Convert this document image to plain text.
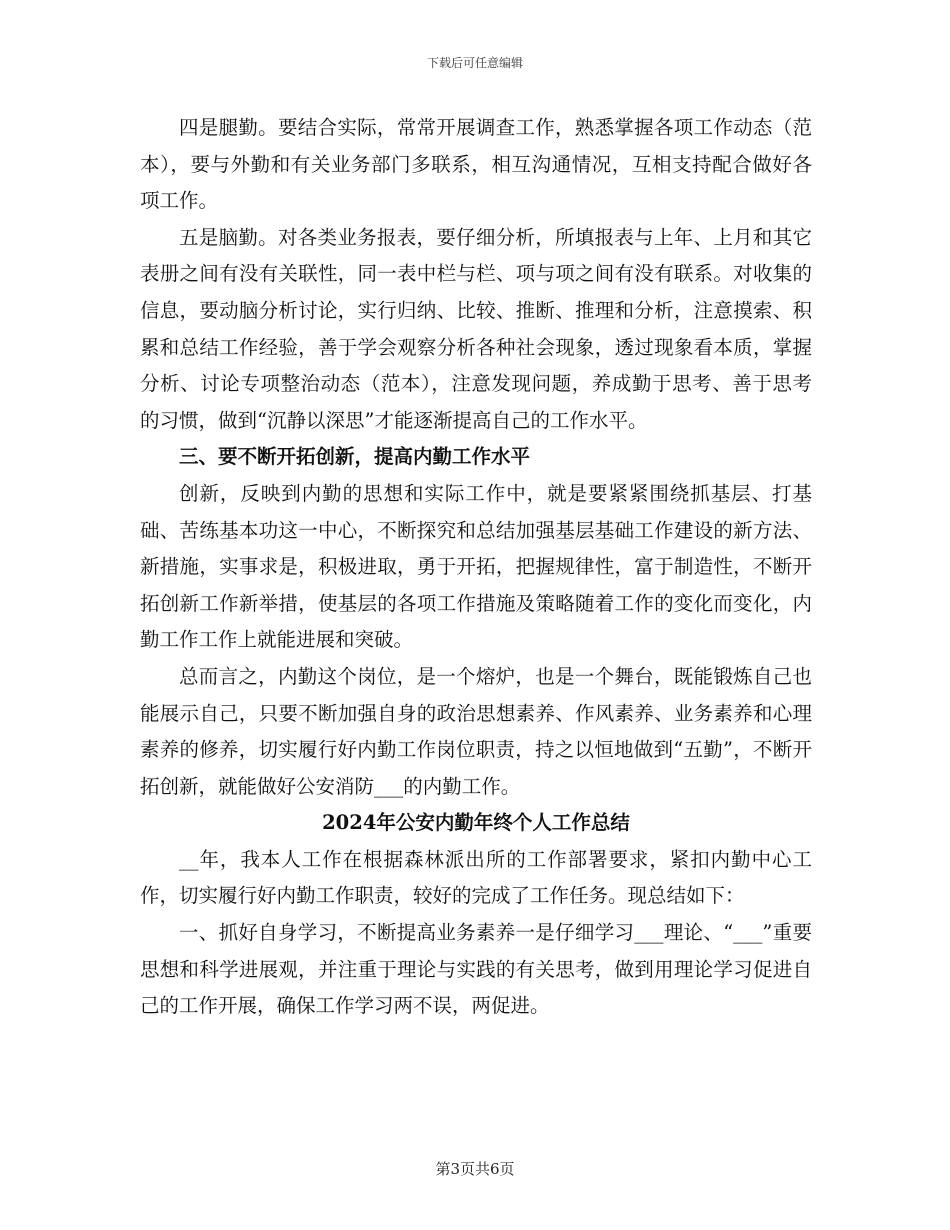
下载后可任意编辑

四是腿勤。要结合实际，常常开展调查工作，熟悉掌握各项工作动态（范本），要与外勤和有关业务部门多联系，相互沟通情况，互相支持配合做好各项工作。

五是脑勤。对各类业务报表，要仔细分析，所填报表与上年、上月和其它表册之间有没有关联性，同一表中栏与栏、项与项之间有没有联系。对收集的信息，要动脑分析讨论，实行归纳、比较、推断、推理和分析，注意摸索、积累和总结工作经验，善于学会观察分析各种社会现象，透过现象看本质，掌握分析、讨论专项整治动态（范本），注意发现问题，养成勤于思考、善于思考的习惯，做到“沉静以深思”才能逐渐提高自己的工作水平。

三、要不断开拓创新，提高内勤工作水平

创新，反映到内勤的思想和实际工作中，就是要紧紧围绕抓基层、打基础、苦练基本功这一中心，不断探究和总结加强基层基础工作建设的新方法、新措施，实事求是，积极进取，勇于开拓，把握规律性，富于制造性，不断开拓创新工作新举措，使基层的各项工作措施及策略随着工作的变化而变化，内勤工作工作上就能进展和突破。

总而言之，内勤这个岗位，是一个熔炉，也是一个舞台，既能锻炼自己也能展示自己，只要不断加强自身的政治思想素养、作风素养、业务素养和心理素养的修养，切实履行好内勤工作岗位职责，持之以恒地做到“五勤”，不断开拓创新，就能做好公安消防___的内勤工作。

2024年公安内勤年终个人工作总结

__年，我本人工作在根据森林派出所的工作部署要求，紧扣内勤中心工作，切实履行好内勤工作职责，较好的完成了工作任务。现总结如下：

一、抓好自身学习，不断提高业务素养一是仔细学习___理论、“___”重要思想和科学进展观，并注重于理论与实践的有关思考，做到用理论学习促进自己的工作开展，确保工作学习两不误，两促进。

第3页共6页
